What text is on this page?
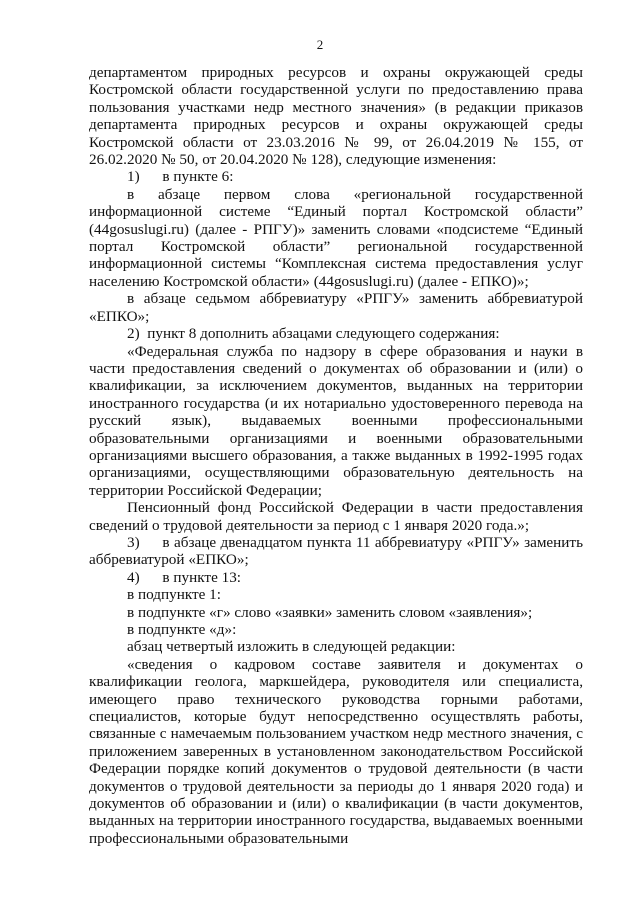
2

департаментом природных ресурсов и охраны окружающей среды Костромской области государственной услуги по предоставлению права пользования участками недр местного значения» (в редакции приказов департамента природных ресурсов и охраны окружающей среды Костромской области от 23.03.2016 № 99, от 26.04.2019 № 155, от 26.02.2020 № 50, от 20.04.2020 № 128), следующие изменения:

1)  в пункте 6:

в абзаце первом слова «региональной государственной информационной системе “Единый портал Костромской области” (44gosuslugi.ru) (далее - РПГУ)» заменить словами «подсистеме “Единый портал Костромской области” региональной государственной информационной системы “Комплексная система предоставления услуг населению Костромской области» (44gosuslugi.ru) (далее - ЕПКО)»;

в абзаце седьмом аббревиатуру «РПГУ» заменить аббревиатурой «ЕПКО»;

2) пункт 8 дополнить абзацами следующего содержания:

«Федеральная служба по надзору в сфере образования и науки в части предоставления сведений о документах об образовании и (или) о квалификации, за исключением документов, выданных на территории иностранного государства (и их нотариально удостоверенного перевода на русский язык), выдаваемых военными профессиональными образовательными организациями и военными образовательными организациями высшего образования, а также выданных в 1992-1995 годах организациями, осуществляющими образовательную деятельность на территории Российской Федерации;

Пенсионный фонд Российской Федерации в части предоставления сведений о трудовой деятельности за период с 1 января 2020 года.»;

3)  в абзаце двенадцатом пункта 11 аббревиатуру «РПГУ» заменить аббревиатурой «ЕПКО»;

4)  в пункте 13:

в подпункте 1:

в подпункте «г» слово «заявки» заменить словом «заявления»;

в подпункте «д»:

абзац четвертый изложить в следующей редакции:

«сведения о кадровом составе заявителя и документах о квалификации геолога, маркшейдера, руководителя или специалиста, имеющего право технического руководства горными работами, специалистов, которые будут непосредственно осуществлять работы, связанные с намечаемым пользованием участком недр местного значения, с приложением заверенных в установленном законодательством Российской Федерации порядке копий документов о трудовой деятельности (в части документов о трудовой деятельности за периоды до 1 января 2020 года) и документов об образовании и (или) о квалификации (в части документов, выданных на территории иностранного государства, выдаваемых военными профессиональными образовательными
